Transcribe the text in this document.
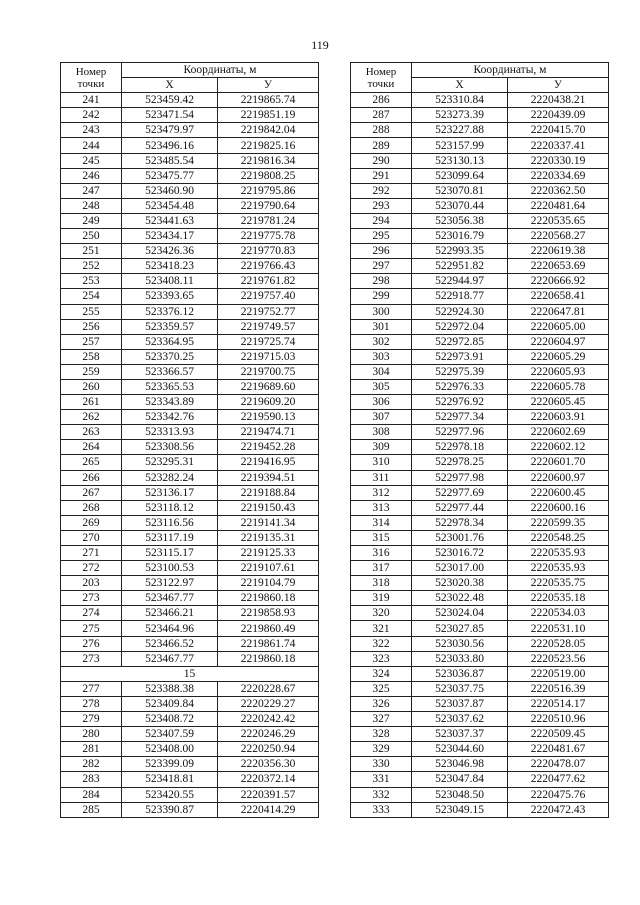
119
Номер
точки	Координаты, м	
	X	У
241	523459.42	2219865.74
242	523471.54	2219851.19
243	523479.97	2219842.04
244	523496.16	2219825.16
245	523485.54	2219816.34
246	523475.77	2219808.25
247	523460.90	2219795.86
248	523454.48	2219790.64
249	523441.63	2219781.24
250	523434.17	2219775.78
251	523426.36	2219770.83
252	523418.23	2219766.43
253	523408.11	2219761.82
254	523393.65	2219757.40
255	523376.12	2219752.77
256	523359.57	2219749.57
257	523364.95	2219725.74
258	523370.25	2219715.03
259	523366.57	2219700.75
260	523365.53	2219689.60
261	523343.89	2219609.20
262	523342.76	2219590.13
263	523313.93	2219474.71
264	523308.56	2219452.28
265	523295.31	2219416.95
266	523282.24	2219394.51
267	523136.17	2219188.84
268	523118.12	2219150.43
269	523116.56	2219141.34
270	523117.19	2219135.31
271	523115.17	2219125.33
272	523100.53	2219107.61
203	523122.97	2219104.79
273	523467.77	2219860.18
274	523466.21	2219858.93
275	523464.96	2219860.49
276	523466.52	2219861.74
273	523467.77	2219860.18
15		
277	523388.38	2220228.67
278	523409.84	2220229.27
279	523408.72	2220242.42
280	523407.59	2220246.29
281	523408.00	2220250.94
282	523399.09	2220356.30
283	523418.81	2220372.14
284	523420.55	2220391.57
285	523390.87	2220414.29
Номер
точки	Координаты, м	
	X	У
286	523310.84	2220438.21
287	523273.39	2220439.09
288	523227.88	2220415.70
289	523157.99	2220337.41
290	523130.13	2220330.19
291	523099.64	2220334.69
292	523070.81	2220362.50
293	523070.44	2220481.64
294	523056.38	2220535.65
295	523016.79	2220568.27
296	522993.35	2220619.38
297	522951.82	2220653.69
298	522944.97	2220666.92
299	522918.77	2220658.41
300	522924.30	2220647.81
301	522972.04	2220605.00
302	522972.85	2220604.97
303	522973.91	2220605.29
304	522975.39	2220605.93
305	522976.33	2220605.78
306	522976.92	2220605.45
307	522977.34	2220603.91
308	522977.96	2220602.69
309	522978.18	2220602.12
310	522978.25	2220601.70
311	522977.98	2220600.97
312	522977.69	2220600.45
313	522977.44	2220600.16
314	522978.34	2220599.35
315	523001.76	2220548.25
316	523016.72	2220535.93
317	523017.00	2220535.93
318	523020.38	2220535.75
319	523022.48	2220535.18
320	523024.04	2220534.03
321	523027.85	2220531.10
322	523030.56	2220528.05
323	523033.80	2220523.56
324	523036.87	2220519.00
325	523037.75	2220516.39
326	523037.87	2220514.17
327	523037.62	2220510.96
328	523037.37	2220509.45
329	523044.60	2220481.67
330	523046.98	2220478.07
331	523047.84	2220477.62
332	523048.50	2220475.76
333	523049.15	2220472.43
